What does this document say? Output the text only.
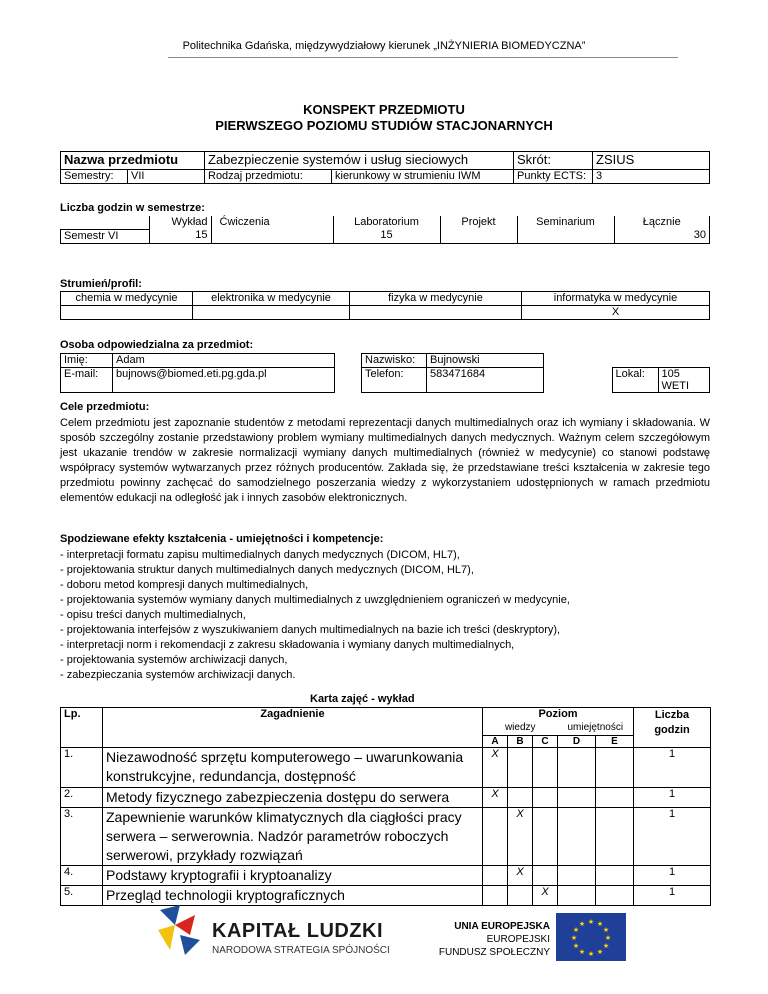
Politechnika Gdańska, międzywydziałowy kierunek „INŻYNIERIA BIOMEDYCZNA”
KONSPEKT PRZEDMIOTU
PIERWSZEGO POZIOMU STUDIÓW STACJONARNYCH
Nazwa przedmiotu		Zabezpieczenie systemów i usług sieciowych		Skrót:	ZSIUS
Semestry:	VII	Rodzaj przedmiotu:	kierunkowy w strumieniu IWM	Punkty ECTS:	3
Liczba godzin w semestrze:
	Wykład	Ćwiczenia	Laboratorium	Projekt	Seminarium	Łącznie
Semestr VI	15		15			30
Strumień/profil:
chemia w medycynie	elektronika w medycynie	fizyka w medycynie	informatyka w medycynie
			X
Osoba odpowiedzialna za przedmiot:
Imię:	Adam		Nazwisko:	Bujnowski			
E-mail:	bujnows@biomed.eti.pg.gda.pl		Telefon:	583471684		Lokal:	105 WETI
Cele przedmiotu:
Celem przedmiotu jest zapoznanie studentów z metodami reprezentacji danych multimedialnych oraz ich wymiany i składowania. W sposób szczególny zostanie przedstawiony problem wymiany multimedialnych danych medycznych. Ważnym celem szczegółowym jest ukazanie trendów w zakresie normalizacji wymiany danych multimedialnych (również w medycynie) co stanowi podstawę współpracy systemów wytwarzanych przez różnych producentów. Zakłada się, że przedstawiane treści kształcenia w zakresie tego przedmiotu powinny zachęcać do samodzielnego poszerzania wiedzy z wykorzystaniem udostępnionych w ramach przedmiotu elementów edukacji na odległość jak i innych zasobów elektronicznych.
Spodziewane efekty kształcenia - umiejętności i kompetencje:
- interpretacji formatu zapisu multimedialnych danych medycznych (DICOM, HL7),
- projektowania struktur danych multimedialnych danych medycznych (DICOM, HL7),
- doboru metod kompresji danych multimedialnych,
- projektowania systemów wymiany danych multimedialnych z uwzględnieniem ograniczeń w medycynie,
- opisu treści danych multimedialnych,
- projektowania interfejsów z wyszukiwaniem danych multimedialnych na bazie ich treści (deskryptory),
- interpretacji norm i rekomendacji z zakresu składowania i wymiany danych multimedialnych,
- projektowania systemów archiwizacji danych,
- zabezpieczania systemów archiwizacji danych.
Karta zajęć - wykład
Lp.	Zagadnienie	Poziom					Liczba godzin
		wiedzy			umiejętności		
		A	B	C	D	E	
1.	Niezawodność sprzętu komputerowego – uwarunkowania konstrukcyjne, redundancja, dostępność	X					1
2.	Metody fizycznego zabezpieczenia dostępu do serwera	X					1
3.	Zapewnienie warunków klimatycznych dla ciągłości pracy serwera – serwerownia. Nadzór parametrów roboczych serwerowi, przykłady rozwiązań		X				1
4.	Podstawy kryptografii i kryptoanalizy		X				1
5.	Przegląd technologii kryptograficznych			X			1
KAPITAŁ LUDZKI
NARODOWA STRATEGIA SPÓJNOŚCI
UNIA EUROPEJSKA
EUROPEJSKI
FUNDUSZ SPOŁECZNY
★ ★
★
★
★
★
★
★
★
★
★
★
